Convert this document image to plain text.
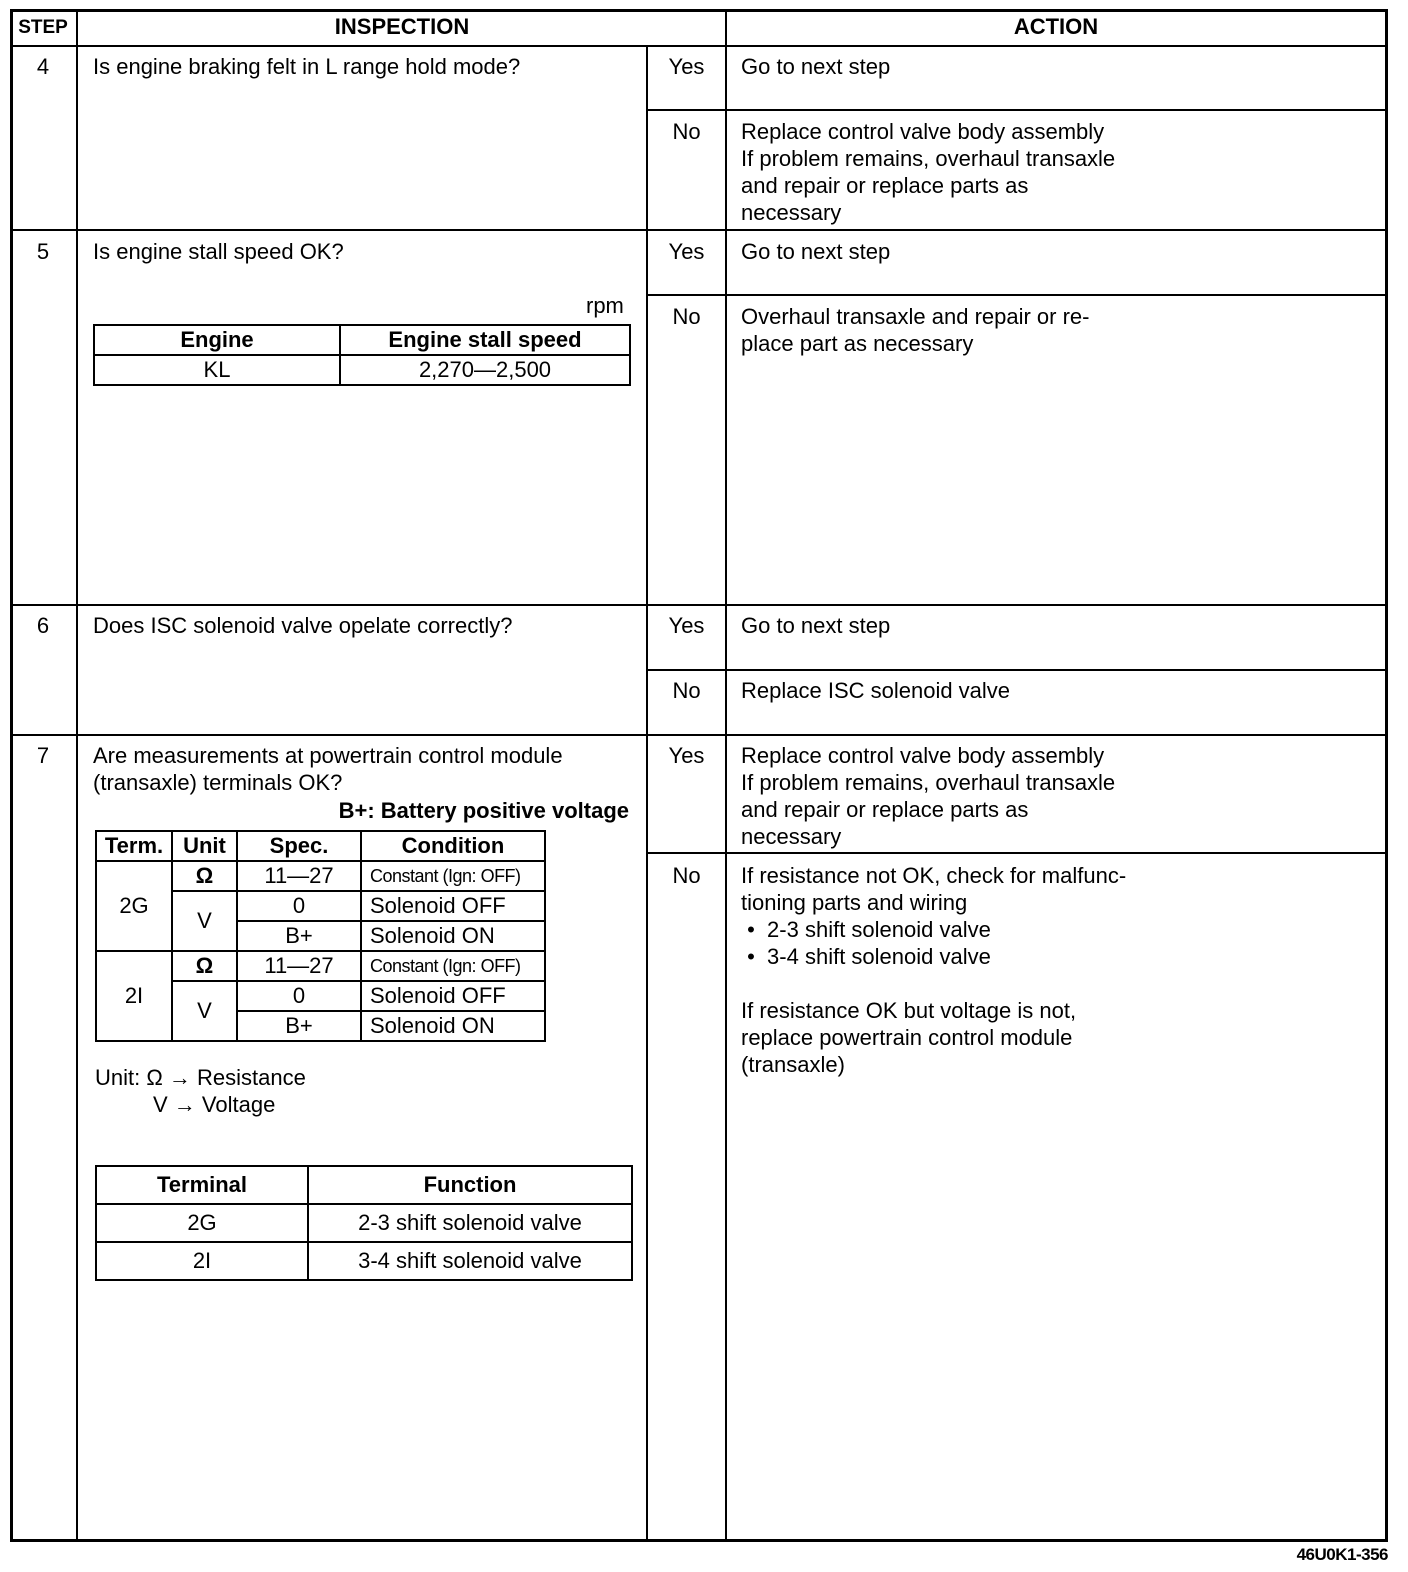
STEP	INSPECTION	ACTION
4	Is engine braking felt in L range hold mode?	Yes	Go to next step
No	Replace control valve body assembly
If problem remains, overhaul transaxle
and repair or replace parts as
necessary
5	Is engine stall speed OK?
rpm
Engine	Engine stall speed
KL	2,270—2,500
Yes	Go to next step
No	Overhaul transaxle and repair or re-
place part as necessary
6	Does ISC solenoid valve opelate correctly?	Yes	Go to next step
No	Replace ISC solenoid valve
7	Are measurements at powertrain control module
(transaxle) terminals OK?
B+: Battery positive voltage
Term.	Unit	Spec.	Condition
2G	Ω	11—27	Constant (Ign: OFF)
	V	0	Solenoid OFF
		B+	Solenoid ON
2I	Ω	11—27	Constant (Ign: OFF)
	V	0	Solenoid OFF
		B+	Solenoid ON
Unit: Ω → Resistance
V → Voltage
Terminal	Function
2G	2-3 shift solenoid valve
2I	3-4 shift solenoid valve
Yes	Replace control valve body assembly
If problem remains, overhaul transaxle
and repair or replace parts as
necessary
No	If resistance not OK, check for malfunc-
tioning parts and wiring
•  2-3 shift solenoid valve
•  3-4 shift solenoid valve
If resistance OK but voltage is not,
replace powertrain control module
(transaxle)
46U0K1-356
